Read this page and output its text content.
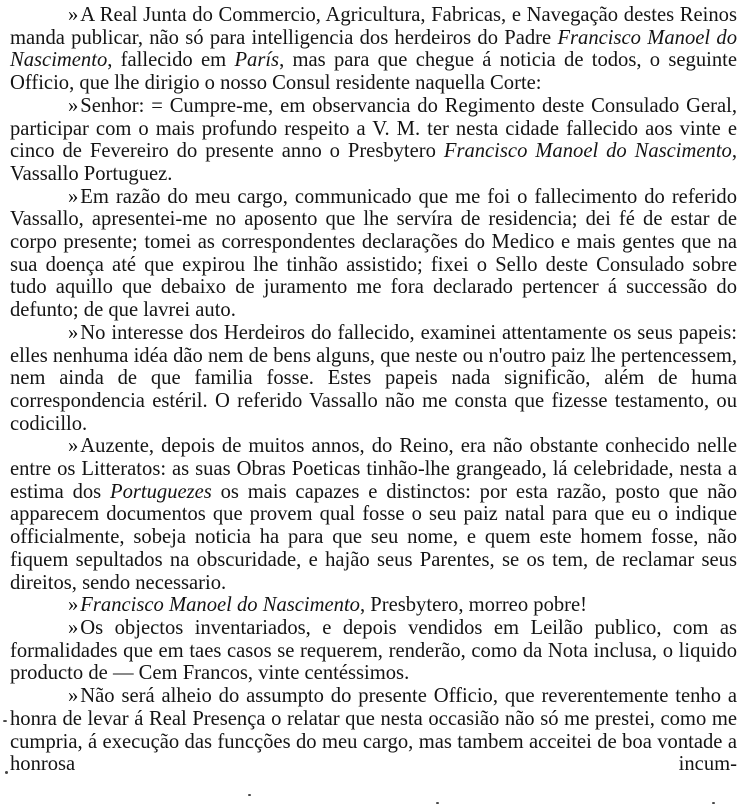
» A Real Junta do Commercio, Agricultura, Fabricas, e Navegação destes Reinos manda publicar, não só para intelligencia dos herdeiros do Padre Francisco Manoel do Nascimento, fallecido em París, mas para que chegue á noticia de todos, o seguinte Officio, que lhe dirigio o nosso Consul residente naquella Corte:

» Senhor: = Cumpre-me, em observancia do Regimento deste Consulado Geral, participar com o mais profundo respeito a V. M. ter nesta cidade fallecido aos vinte e cinco de Fevereiro do presente anno o Presbytero Francisco Manoel do Nascimento, Vassallo Portuguez.

» Em razão do meu cargo, communicado que me foi o fallecimento do referido Vassallo, apresentei-me no aposento que lhe servíra de residencia; dei fé de estar de corpo presente; tomei as correspondentes declarações do Medico e mais gentes que na sua doença até que expirou lhe tinhão assistido; fixei o Sello deste Consulado sobre tudo aquillo que debaixo de juramento me fora declarado pertencer á successão do defunto; de que lavrei auto.

» No interesse dos Herdeiros do fallecido, examinei attentamente os seus papeis: elles nenhuma idéa dão nem de bens alguns, que neste ou n'outro paiz lhe pertencessem, nem ainda de que familia fosse. Estes papeis nada significão, além de huma correspondencia estéril. O referido Vassallo não me consta que fizesse testamento, ou codicillo.

» Auzente, depois de muitos annos, do Reino, era não obstante conhecido nelle entre os Litteratos: as suas Obras Poeticas tinhão-lhe grangeado, lá celebridade, nesta a estima dos Portuguezes os mais capazes e distinctos: por esta razão, posto que não apparecem documentos que provem qual fosse o seu paiz natal para que eu o indique officialmente, sobeja noticia ha para que seu nome, e quem este homem fosse, não fiquem sepultados na obscuridade, e hajão seus Parentes, se os tem, de reclamar seus direitos, sendo necessario.

» Francisco Manoel do Nascimento, Presbytero, morreo pobre!

» Os objectos inventariados, e depois vendidos em Leilão publico, com as formalidades que em taes casos se requerem, renderão, como da Nota inclusa, o liquido producto de — Cem Francos, vinte centéssimos.

» Não será alheio do assumpto do presente Officio, que reverentemente tenho a honra de levar á Real Presença o relatar que nesta occasião não só me prestei, como me cumpria, á execução das funcções do meu cargo, mas tambem acceitei de boa vontade a honrosa incum-
